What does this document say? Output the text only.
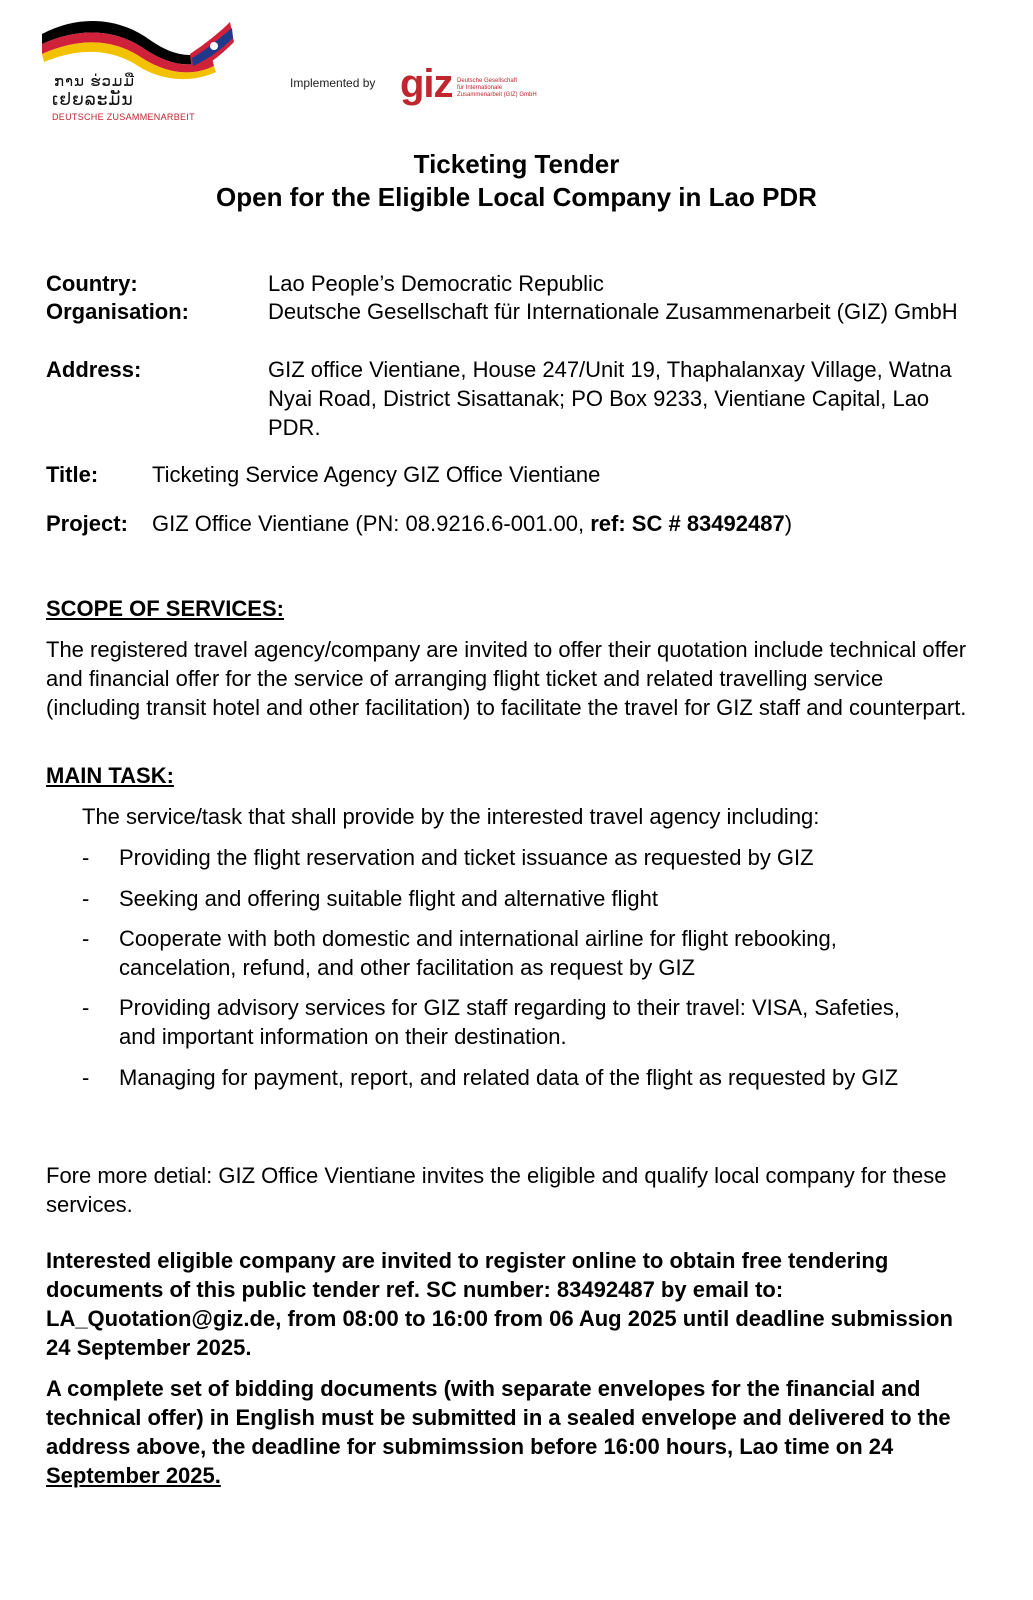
ການ ຮ່ວມມື
ເຢຍລະມັນ
DEUTSCHE ZUSAMMENARBEIT
Implemented by giz Deutsche Gesellschaft
für Internationale
Zusammenarbeit (GIZ) GmbH
Ticketing Tender
Open for the Eligible Local Company in Lao PDR
Country:	Lao People’s Democratic Republic
Organisation:	Deutsche Gesellschaft für Internationale Zusammenarbeit (GIZ) GmbH
Address:	GIZ office Vientiane, House 247/Unit 19, Thaphalanxay Village, Watna Nyai Road, District Sisattanak; PO Box 9233, Vientiane Capital, Lao PDR.
Title: Ticketing Service Agency GIZ Office Vientiane
Project: GIZ Office Vientiane (PN: 08.9216.6-001.00, ref: SC # 83492487)
SCOPE OF SERVICES:
The registered travel agency/company are invited to offer their quotation include technical offer and financial offer for the service of arranging flight ticket and related travelling service (including transit hotel and other facilitation) to facilitate the travel for GIZ staff and counterpart.
MAIN TASK:
The service/task that shall provide by the interested travel agency including:
- Providing the flight reservation and ticket issuance as requested by GIZ
- Seeking and offering suitable flight and alternative flight
- Cooperate with both domestic and international airline for flight rebooking, cancelation, refund, and other facilitation as request by GIZ
- Providing advisory services for GIZ staff regarding to their travel: VISA, Safeties, and important information on their destination.
- Managing for payment, report, and related data of the flight as requested by GIZ
Fore more detial: GIZ Office Vientiane invites the eligible and qualify local company for these services.
Interested eligible company are invited to register online to obtain free tendering documents of this public tender ref. SC number: 83492487 by email to: LA_Quotation@giz.de, from 08:00 to 16:00 from 06 Aug 2025 until deadline submission 24 September 2025.
A complete set of bidding documents (with separate envelopes for the financial and technical offer) in English must be submitted in a sealed envelope and delivered to the address above, the deadline for submimssion before 16:00 hours, Lao time on 24 September 2025.
